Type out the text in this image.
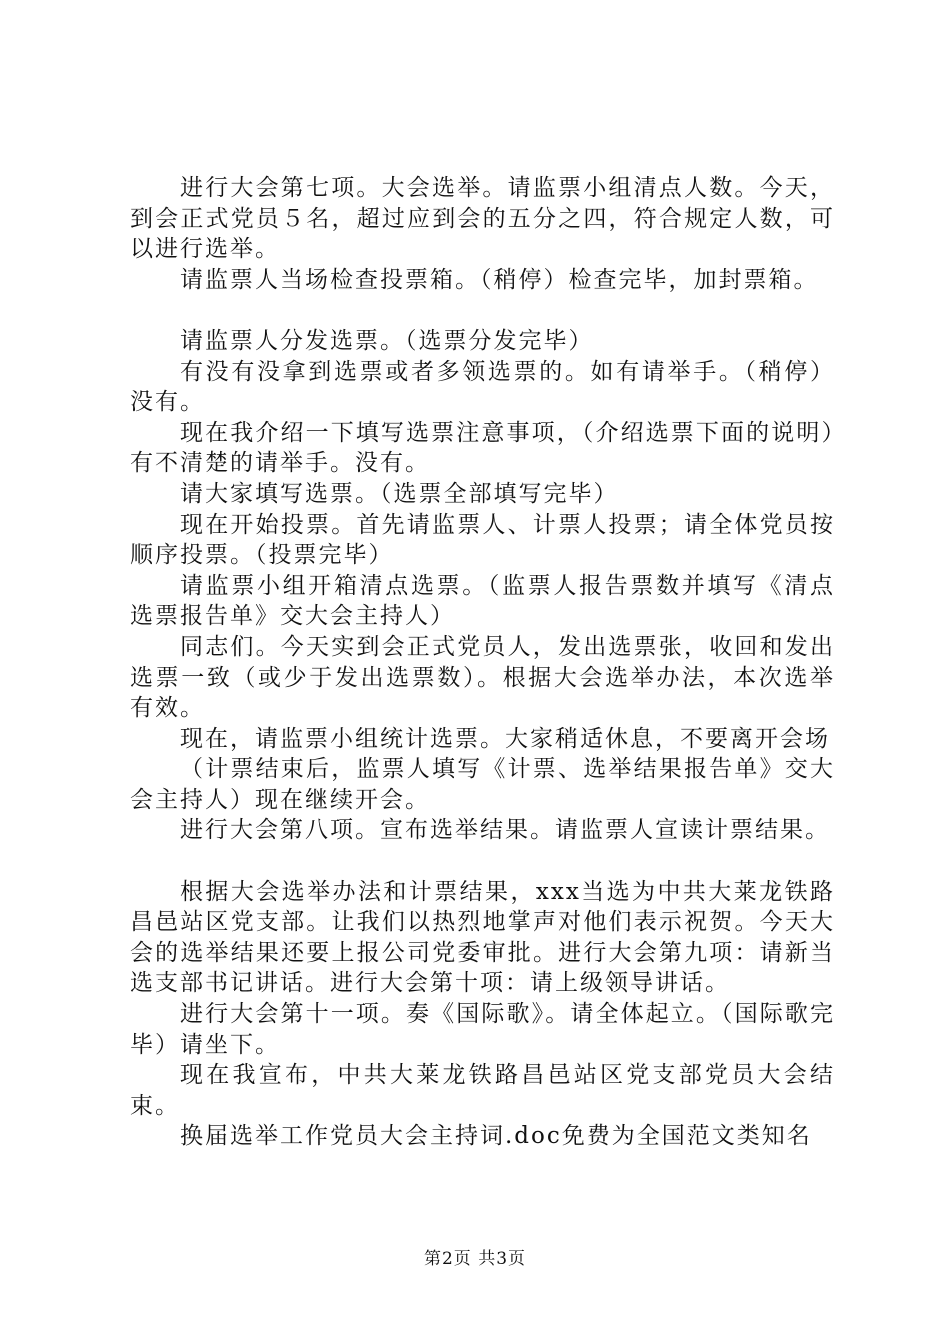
进行大会第七项。大会选举。请监票小组清点人数。今天，到会正式党员５名，超过应到会的五分之四，符合规定人数，可以进行选举。

请监票人当场检查投票箱。（稍停）检查完毕，加封票箱。

请监票人分发选票。（选票分发完毕）

有没有没拿到选票或者多领选票的。如有请举手。（稍停）没有。

现在我介绍一下填写选票注意事项，（介绍选票下面的说明）有不清楚的请举手。没有。

请大家填写选票。（选票全部填写完毕）

现在开始投票。首先请监票人、计票人投票；请全体党员按顺序投票。（投票完毕）

请监票小组开箱清点选票。（监票人报告票数并填写《清点选票报告单》交大会主持人）

同志们。今天实到会正式党员人，发出选票张，收回和发出选票一致（或少于发出选票数）。根据大会选举办法，本次选举有效。

现在，请监票小组统计选票。大家稍适休息，不要离开会场

（计票结束后，监票人填写《计票、选举结果报告单》交大会主持人）现在继续开会。

进行大会第八项。宣布选举结果。请监票人宣读计票结果。

根据大会选举办法和计票结果，xxx当选为中共大莱龙铁路昌邑站区党支部。让我们以热烈地掌声对他们表示祝贺。今天大会的选举结果还要上报公司党委审批。进行大会第九项：请新当选支部书记讲话。进行大会第十项：请上级领导讲话。

进行大会第十一项。奏《国际歌》。请全体起立。（国际歌完毕）请坐下。

现在我宣布，中共大莱龙铁路昌邑站区党支部党员大会结束。

换届选举工作党员大会主持词.doc免费为全国范文类知名

第2页 共3页
